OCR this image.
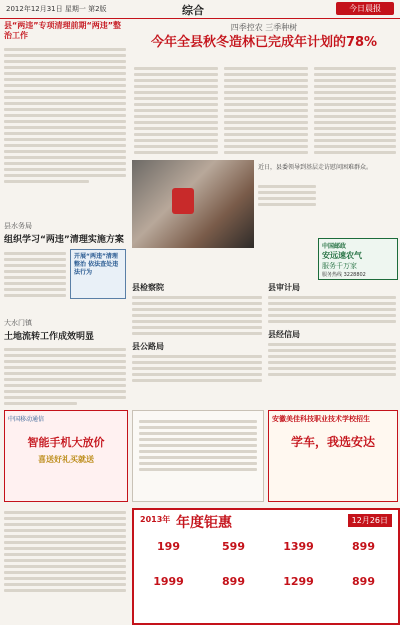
2012年12月31日 星期一 第2版	综合	今日晨报
县“两违”专项清理前期“两违”整治工作
县水务局
组织学习“两违”清理实施方案
开展“两违”清理整治 依法查处违法行为
大水门镇
土地流转工作成效明显
四季控农 三季种树
今年全县秋冬造林已完成年计划的78%
近日，县委领导到基层走访慰问困难群众。
中国邮政
安远速农气
服务千万家
服务热线 3228802
县检察院
县公路局
县审计局
县经信局
中国移动通信
智能手机大放价
喜送好礼买就送
安徽美佳科技职业技术学校招生
学车，我选安达
2013年 年度钜惠	12月26日
199	599	1399	899
1999	899	1299	899
